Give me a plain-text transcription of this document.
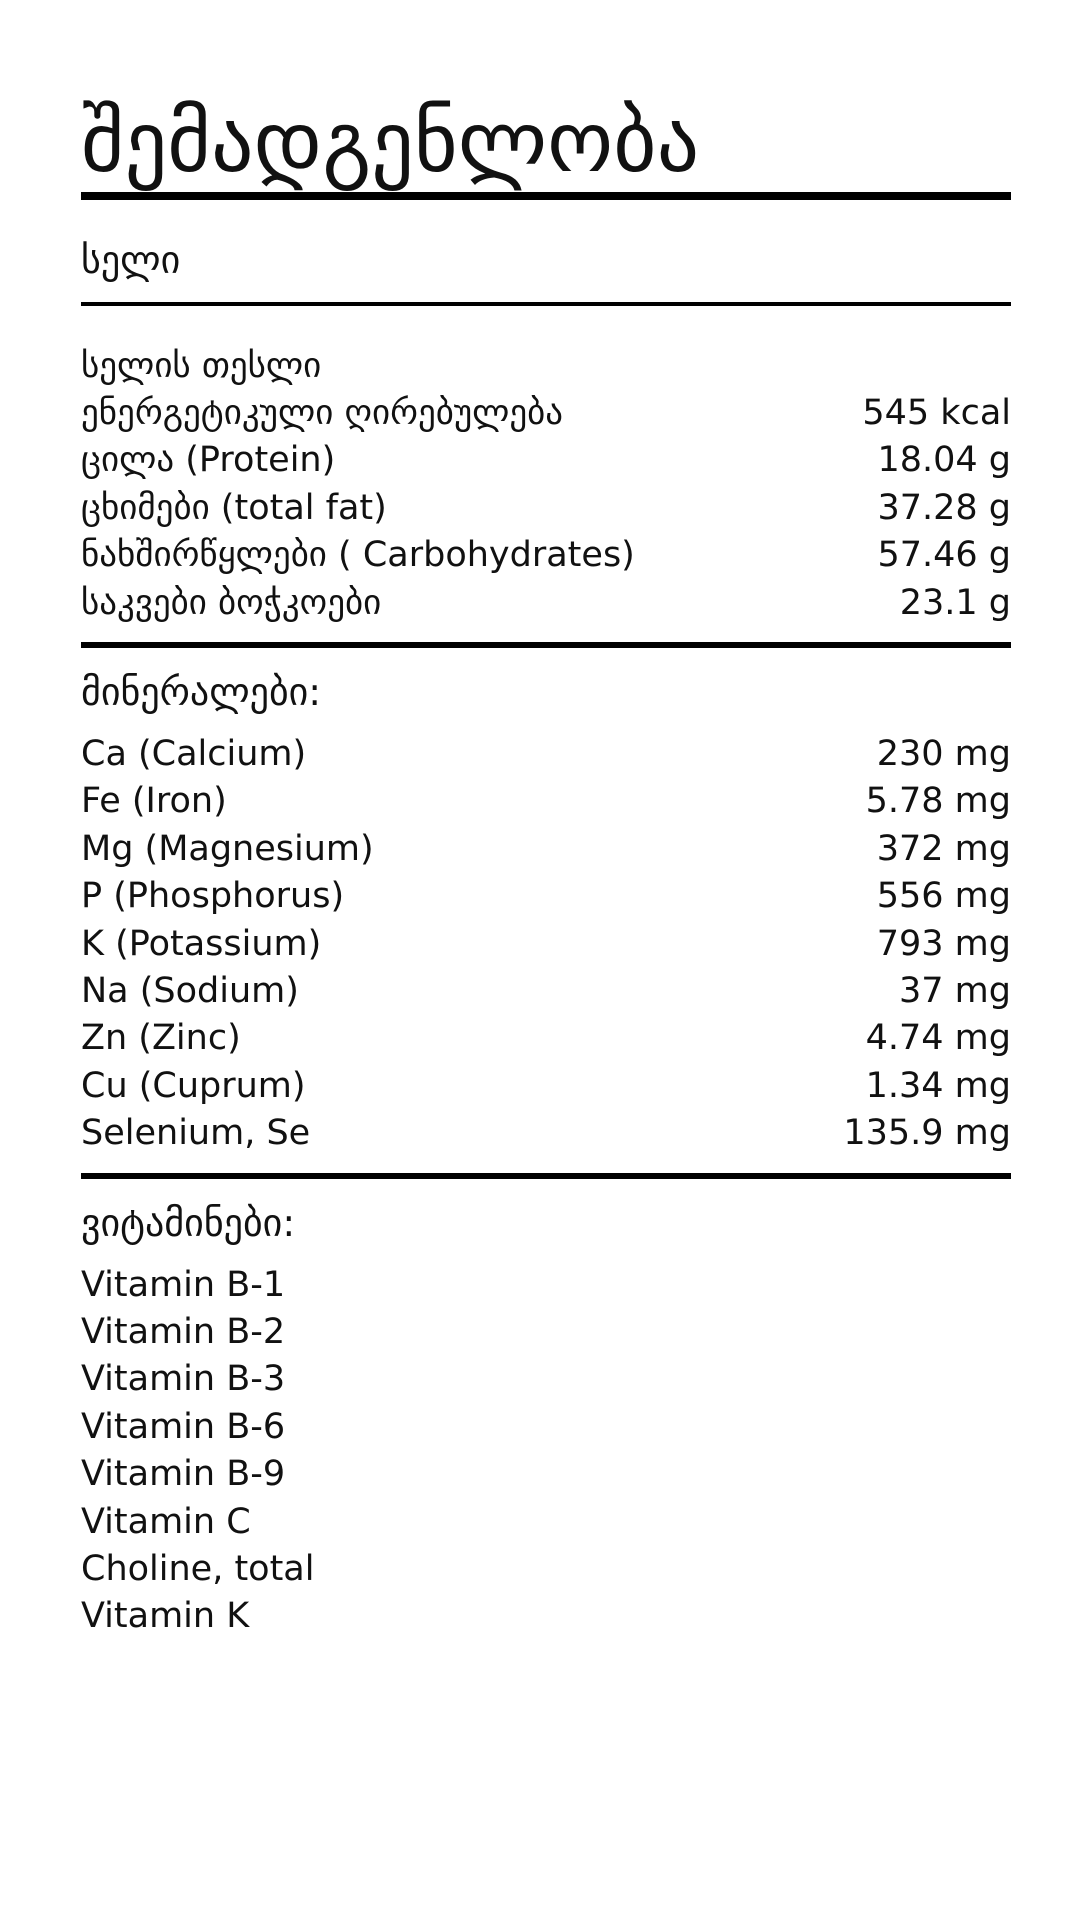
შემადგენლობა
სელი
სელის თესლი
ენერგეტიკული ღირებულება	545 kcal
ცილა (Protein)	18.04 g
ცხიმები (total fat)	37.28 g
ნახშირწყლები ( Carbohydrates)	57.46 g
საკვები ბოჭკოები	23.1 g
მინერალები:
Ca (Calcium)	230 mg
Fe (Iron)	5.78 mg
Mg (Magnesium)	372 mg
P (Phosphorus)	556 mg
K (Potassium)	793 mg
Na (Sodium)	37 mg
Zn (Zinc)	4.74 mg
Cu (Cuprum)	1.34 mg
Selenium, Se	135.9 mg
ვიტამინები:
Vitamin B-1
Vitamin B-2
Vitamin B-3
Vitamin B-6
Vitamin B-9
Vitamin C
Choline, total
Vitamin K
